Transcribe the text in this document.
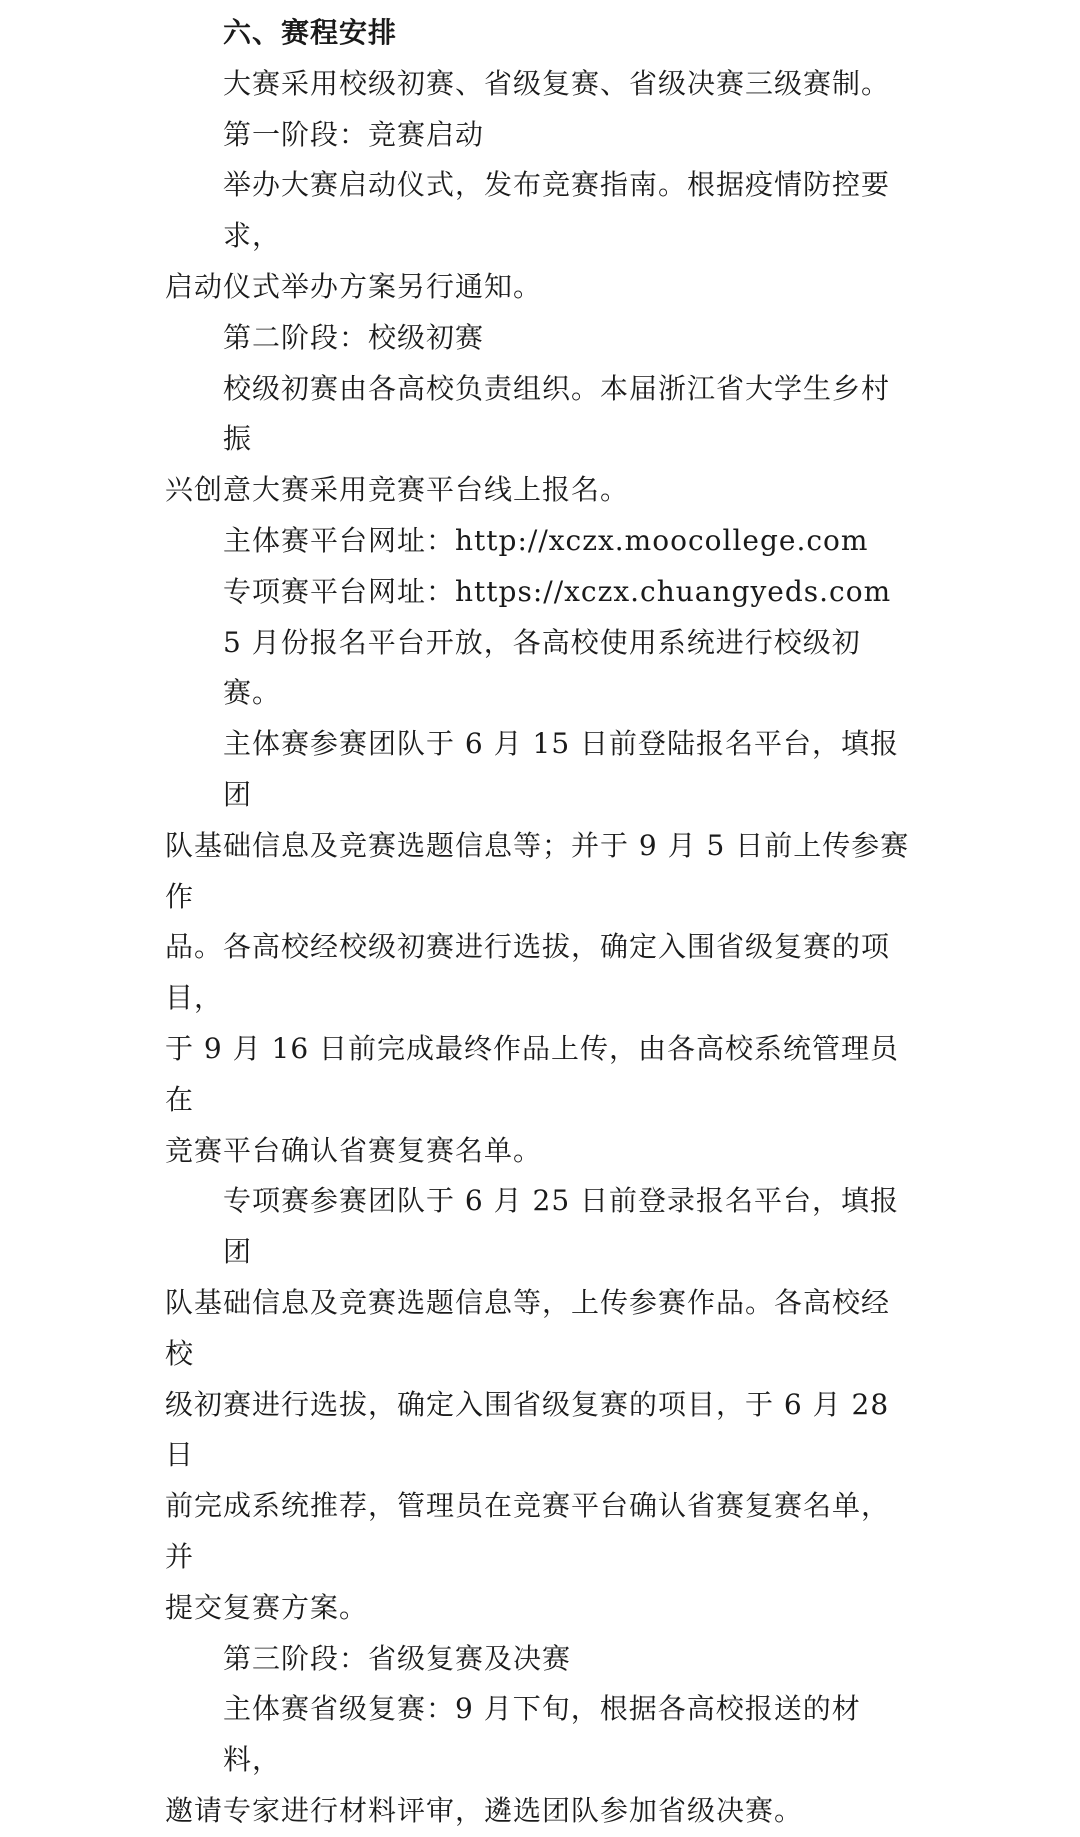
六、赛程安排
大赛采用校级初赛、省级复赛、省级决赛三级赛制。
第一阶段：竞赛启动
举办大赛启动仪式，发布竞赛指南。根据疫情防控要求，
启动仪式举办方案另行通知。
第二阶段：校级初赛
校级初赛由各高校负责组织。本届浙江省大学生乡村振
兴创意大赛采用竞赛平台线上报名。
主体赛平台网址：http://xczx.moocollege.com
专项赛平台网址：https://xczx.chuangyeds.com
5 月份报名平台开放，各高校使用系统进行校级初赛。
主体赛参赛团队于 6 月 15 日前登陆报名平台，填报团
队基础信息及竞赛选题信息等；并于 9 月 5 日前上传参赛作
品。各高校经校级初赛进行选拔，确定入围省级复赛的项目，
于 9 月 16 日前完成最终作品上传，由各高校系统管理员在
竞赛平台确认省赛复赛名单。
专项赛参赛团队于 6 月 25 日前登录报名平台，填报团
队基础信息及竞赛选题信息等，上传参赛作品。各高校经校
级初赛进行选拔，确定入围省级复赛的项目，于 6 月 28 日
前完成系统推荐，管理员在竞赛平台确认省赛复赛名单，并
提交复赛方案。
第三阶段：省级复赛及决赛
主体赛省级复赛：9 月下旬，根据各高校报送的材料，
邀请专家进行材料评审，遴选团队参加省级决赛。
